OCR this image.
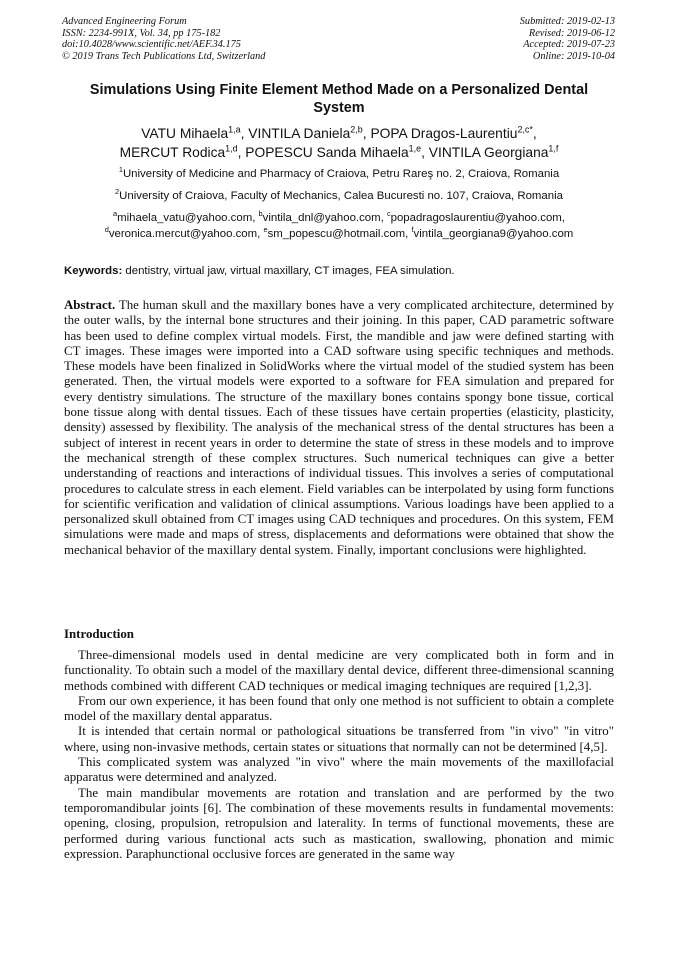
Advanced Engineering Forum
ISSN: 2234-991X, Vol. 34, pp 175-182
doi:10.4028/www.scientific.net/AEF.34.175
© 2019 Trans Tech Publications Ltd, Switzerland
Submitted: 2019-02-13
Revised: 2019-06-12
Accepted: 2019-07-23
Online: 2019-10-04
Simulations Using Finite Element Method Made on a Personalized Dental System
VATU Mihaela$^{1,a}$, VINTILA Daniela$^{2,b}$, POPA Dragos-Laurentiu$^{2,c*}$,
MERCUT Rodica$^{1,d}$, POPESCU Sanda Mihaela$^{1,e}$, VINTILA Georgiana$^{1,f}$
$^1$University of Medicine and Pharmacy of Craiova, Petru Rareş no. 2, Craiova, Romania
$^2$University of Craiova, Faculty of Mechanics, Calea Bucuresti no. 107, Craiova, Romania
$^a$mihaela_vatu@yahoo.com, $^b$vintila_dnl@yahoo.com, $^c$popadragoslaurentiu@yahoo.com,
$^d$veronica.mercut@yahoo.com, $^e$sm_popescu@hotmail.com, $^f$vintila_georgiana9@yahoo.com
Keywords: dentistry, virtual jaw, virtual maxillary, CT images, FEA simulation.

Abstract. The human skull and the maxillary bones have a very complicated architecture, determined by the outer walls, by the internal bone structures and their joining. In this paper, CAD parametric software has been used to define complex virtual models. First, the mandible and jaw were defined starting with CT images. These images were imported into a CAD software using specific techniques and methods. These models have been finalized in SolidWorks where the virtual model of the studied system has been generated. Then, the virtual models were exported to a software for FEA simulation and prepared for every dentistry simulations. The structure of the maxillary bones contains spongy bone tissue, cortical bone tissue along with dental tissues. Each of these tissues have certain properties (elasticity, plasticity, density) assessed by flexibility. The analysis of the mechanical stress of the dental structures has been a subject of interest in recent years in order to determine the state of stress in these models and to improve the mechanical strength of these complex structures. Such numerical techniques can give a better understanding of reactions and interactions of individual tissues. This involves a series of computational procedures to calculate stress in each element. Field variables can be interpolated by using form functions for scientific verification and validation of clinical assumptions. Various loadings have been applied to a personalized skull obtained from CT images using CAD techniques and procedures. On this system, FEM simulations were made and maps of stress, displacements and deformations were obtained that show the mechanical behavior of the maxillary dental system. Finally, important conclusions were highlighted.

Introduction

Three-dimensional models used in dental medicine are very complicated both in form and in functionality. To obtain such a model of the maxillary dental device, different three-dimensional scanning methods combined with different CAD techniques or medical imaging techniques are required [1,2,3].

From our own experience, it has been found that only one method is not sufficient to obtain a complete model of the maxillary dental apparatus.

It is intended that certain normal or pathological situations be transferred from "in vivo" "in vitro" where, using non-invasive methods, certain states or situations that normally can not be determined [4,5].

This complicated system was analyzed "in vivo" where the main movements of the maxillofacial apparatus were determined and analyzed.

The main mandibular movements are rotation and translation and are performed by the two temporomandibular joints [6]. The combination of these movements results in fundamental movements: opening, closing, propulsion, retropulsion and laterality. In terms of functional movements, these are performed during various functional acts such as mastication, swallowing, phonation and mimic expression. Paraphunctional occlusive forces are generated in the same way
